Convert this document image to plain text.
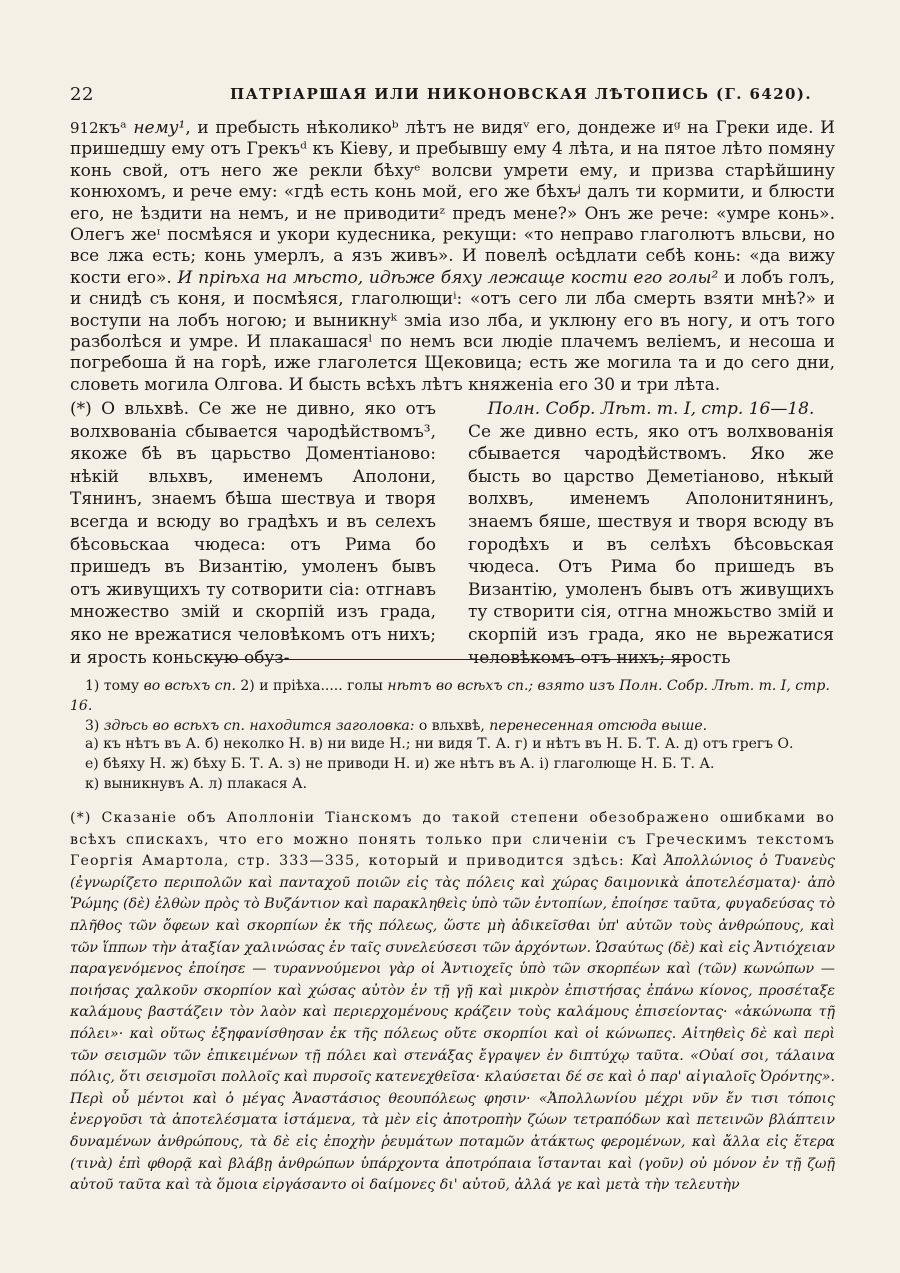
22	ПАТРІАРШАЯ ИЛИ НИКОНОВСКАЯ ЛѢТОПИСЬ (Г. 6420).
912къᵃ нему¹, и пребысть нѣколикоᵇ лѣтъ не видяᵛ его, дондеже иᵍ на Греки иде. И пришедшу ему отъ Грекъᵈ къ Кіеву, и пребывшу ему 4 лѣта, и на пятое лѣто помяну конь свой, отъ него же рекли бѣхуᵉ волсви умрети ему, и призва старѣйшину конюхомъ, и рече ему: «гдѣ есть конь мой, его же бѣхъᶨ далъ ти кормити, и блюсти его, не ѣздити на немъ, и не приводитиᶻ предъ мене?» Онъ же рече: «умре конь». Олегъ жеᶦ посмѣяся и укори кудесника, рекущи: «то неправо глаголютъ вльсви, но все лжа есть; конь умерлъ, а язъ живъ». И повелѣ осѣдлати себѣ конь: «да вижу кости его». И пріѣха на мѣсто, идѣже бяху лежаще кости его голы² и лобъ голъ, и снидѣ съ коня, и посмѣяся, глаголющиⁱ: «отъ сего ли лба смерть взяти мнѣ?» и воступи на лобъ ногою; и выникнуᵏ зміа изо лба, и уклюну его въ ногу, и отъ того разболѣся и умре. И плакашасяˡ по немъ вси людіе плачемъ велiемъ, и несоша и погребоша й на горѣ, иже глаголется Щековица; есть же могила та и до сего дни, словеть могила Олгова. И бысть всѣхъ лѣтъ княженіа его 30 и три лѣта.
(*) О вльхвѣ. Се же не дивно, яко отъ волхвованіа сбывается чародѣйствомъ³, якоже бѣ въ царьство Доментіаново: нѣкій вльхвъ, именемъ Аполони, Тянинъ, знаемъ бѣша шествуа и творя всегда и всюду во градѣхъ и въ селехъ бѣсовьскаа чюдеса: отъ Рима бо пришедъ въ Византію, умоленъ бывъ отъ живущихъ ту сотворити сіа: отгнавъ множество змій и скорпій изъ града, яко не врежатися человѣкомъ отъ нихъ; и ярость коньскую обуз-
Полн. Собр. Лѣт. т. I, стр. 16—18.
Се же дивно есть, яко отъ волхвованія сбывается чародѣйствомъ. Яко же бысть во царство Деметіаново, нѣкый волхвъ, именемъ Аполонитянинъ, знаемъ бяше, шествуя и творя всюду въ городѣхъ и въ селѣхъ бѣсовьская чюдеса. Отъ Рима бо пришедъ въ Византію, умоленъ бывъ отъ живущихъ ту створити сія, отгна множьство змій и скорпій изъ града, яко не вьрежатися человѣкомъ отъ нихъ; ярость

1) тому во всѣхъ сп. 2) и пріѣха..... голы нѣтъ во всѣхъ сп.; взято изъ Полн. Собр. Лѣт. т. I, стр. 16.

3) здѣсь во всѣхъ сп. находится заголовка: о вльхвѣ, перенесенная отсюда выше.

а) къ нѣтъ въ А. б) неколко Н. в) ни виде Н.; ни видя Т. А. г) и нѣтъ въ Н. Б. Т. А. д) отъ грегъ О.

е) бѣяху Н. ж) бѣху Б. Т. А. з) не приводи Н. и) же нѣтъ въ А. і) глаголюще Н. Б. Т. А.

к) выникнувъ А. л) плакася А.

(*) Сказаніе объ Аполлоніи Тіанскомъ до такой степени обезображено ошибками во всѣхъ спискахъ, что его можно понять только при сличеніи съ Греческимъ текстомъ Георгія Амартола, стр. 333—335, который и приводится здѣсь: Καὶ Ἀπολλώνιος ὁ Τυανεὺς (ἐγνωρίζετο περιπολῶν καὶ πανταχοῦ ποιῶν εἰς τὰς πόλεις καὶ χώρας δαιμονικὰ ἀποτελέσματα)· ἀπὸ Ῥώμης (δὲ) ἐλθὼν πρὸς τὸ Βυζάντιον καὶ παρακληθεὶς ὑπὸ τῶν ἐντοπίων, ἐποίησε ταῦτα, φυγαδεύσας τὸ πλῆθος τῶν ὄφεων καὶ σκορπίων ἐκ τῆς πόλεως, ὥστε μὴ ἀδικεῖσθαι ὑπ' αὐτῶν τοὺς ἀνθρώπους, καὶ τῶν ἵππων τὴν ἀταξίαν χαλινώσας ἐν ταῖς συνελεύσεσι τῶν ἀρχόντων. Ὡσαύτως (δὲ) καὶ εἰς Ἀντιόχειαν παραγενόμενος ἐποίησε — τυραννούμενοι γὰρ οἱ Ἀντιοχεῖς ὑπὸ τῶν σκορπέων καὶ (τῶν) κωνώπων — ποιήσας χαλκοῦν σκορπίον καὶ χώσας αὐτὸν ἐν τῇ γῇ καὶ μικρὸν ἐπιστήσας ἐπάνω κίονος, προσέταξε καλάμους βαστάζειν τὸν λαὸν καὶ περιερχομένους κράζειν τοὺς καλάμους ἐπισείοντας· «ἀκώνωπα τῇ πόλει»· καὶ οὕτως ἐξηφανίσθησαν ἐκ τῆς πόλεως οὔτε σκορπίοι καὶ οἱ κώνωπες. Αἰτηθεὶς δὲ καὶ περὶ τῶν σεισμῶν τῶν ἐπικειμένων τῇ πόλει καὶ στενάξας ἔγραψεν ἐν διπτύχῳ ταῦτα. «Οὐαί σοι, τάλαινα πόλις, ὅτι σεισμοῖσι πολλοῖς καὶ πυρσοῖς κατενεχθεῖσα· κλαύσεται δέ σε καὶ ὁ παρ' αἰγιαλοῖς Ὀρόντης». Περὶ οὗ μέντοι καὶ ὁ μέγας Ἀναστάσιος θεουπόλεως φησιν· «Ἀπολλωνίου μέχρι νῦν ἔν τισι τόποις ἐνεργοῦσι τὰ ἀποτελέσματα ἱστάμενα, τὰ μὲν εἰς ἀποτροπὴν ζώων τετραπόδων καὶ πετεινῶν βλάπτειν δυναμένων ἀνθρώπους, τὰ δὲ εἰς ἐποχὴν ῥευμάτων ποταμῶν ἀτάκτως φερομένων, καὶ ἄλλα εἰς ἕτερα (τινὰ) ἐπὶ φθορᾷ καὶ βλάβῃ ἀνθρώπων ὑπάρχοντα ἀποτρόπαια ἵστανται καὶ (γοῦν) οὐ μόνον ἐν τῇ ζωῇ αὐτοῦ ταῦτα καὶ τὰ ὅμοια εἰργάσαντο οἱ δαίμονες δι' αὐτοῦ, ἀλλά γε καὶ μετὰ τὴν τελευτὴν
